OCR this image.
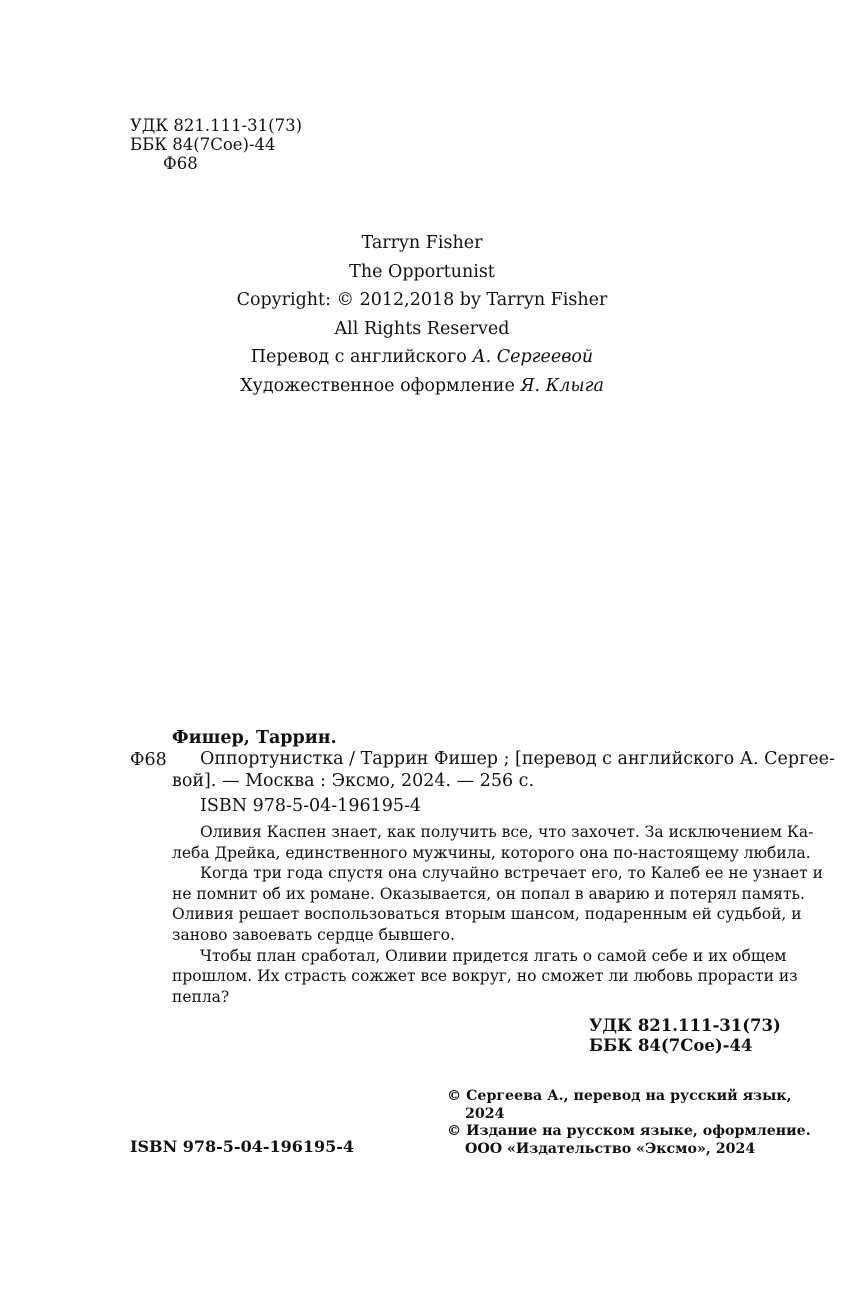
УДК 821.111-31(73)
ББК 84(7Сое)-44
Ф68
Tarryn Fisher
The Opportunist
Copyright: © 2012,2018 by Tarryn Fisher
All Rights Reserved
Перевод с английского А. Сергеевой
Художественное оформление Я. Клыга
Фишер, Таррин.
Ф68	Оппортунистка / Таррин Фишер ; [перевод с английского А. Сергее-
вой]. — Москва : Эксмо, 2024. — 256 с.
ISBN 978-5-04-196195-4
Оливия Каспен знает, как получить все, что захочет. За исключением Ка-
леба Дрейка, единственного мужчины, которого она по-настоящему любила.
Когда три года спустя она случайно встречает его, то Калеб ее не узнает и
не помнит об их романе. Оказывается, он попал в аварию и потерял память.
Оливия решает воспользоваться вторым шансом, подаренным ей судьбой, и
заново завоевать сердце бывшего.
Чтобы план сработал, Оливии придется лгать о самой себе и их общем
прошлом. Их страсть сожжет все вокруг, но сможет ли любовь прорасти из
пепла?
УДК 821.111-31(73)
ББК 84(7Сое)-44
© Сергеева А., перевод на русский язык,
2024
© Издание на русском языке, оформление.
ООО «Издательство «Эксмо», 2024
ISBN 978-5-04-196195-4
